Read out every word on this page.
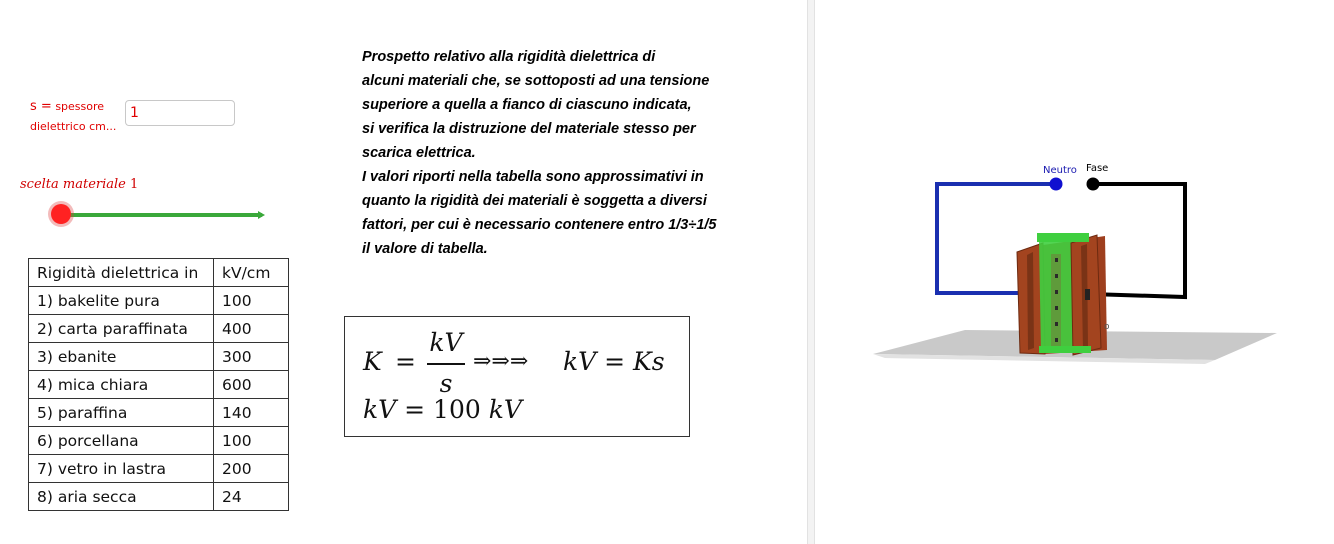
s = spessore
dielettrico cm...
1
scelta materiale 1
Rigidità dielettrica in	kV/cm
1) bakelite pura	100
2) carta paraffinata	400
3) ebanite	300
4) mica chiara	600
5) paraffina	140
6) porcellana	100
7) vetro in lastra	200
8) aria secca	24
Prospetto relativo alla rigidità dielettrica di
alcuni materiali che, se sottoposti ad una tensione
superiore a quella a fianco di ciascuno indicata,
si verifica la distruzione del materiale stesso per
scarica elettrica.
I valori riporti nella tabella sono approssimativi in
quanto la rigidità dei materiali è soggetta a diversi
fattori, per cui è necessario contenere entro 1/3÷1/5
il valore di tabella.
K =
kV
s
⇒⇒⇒ kV = Ks
kV = 100 kV
o
Neutro Fase
